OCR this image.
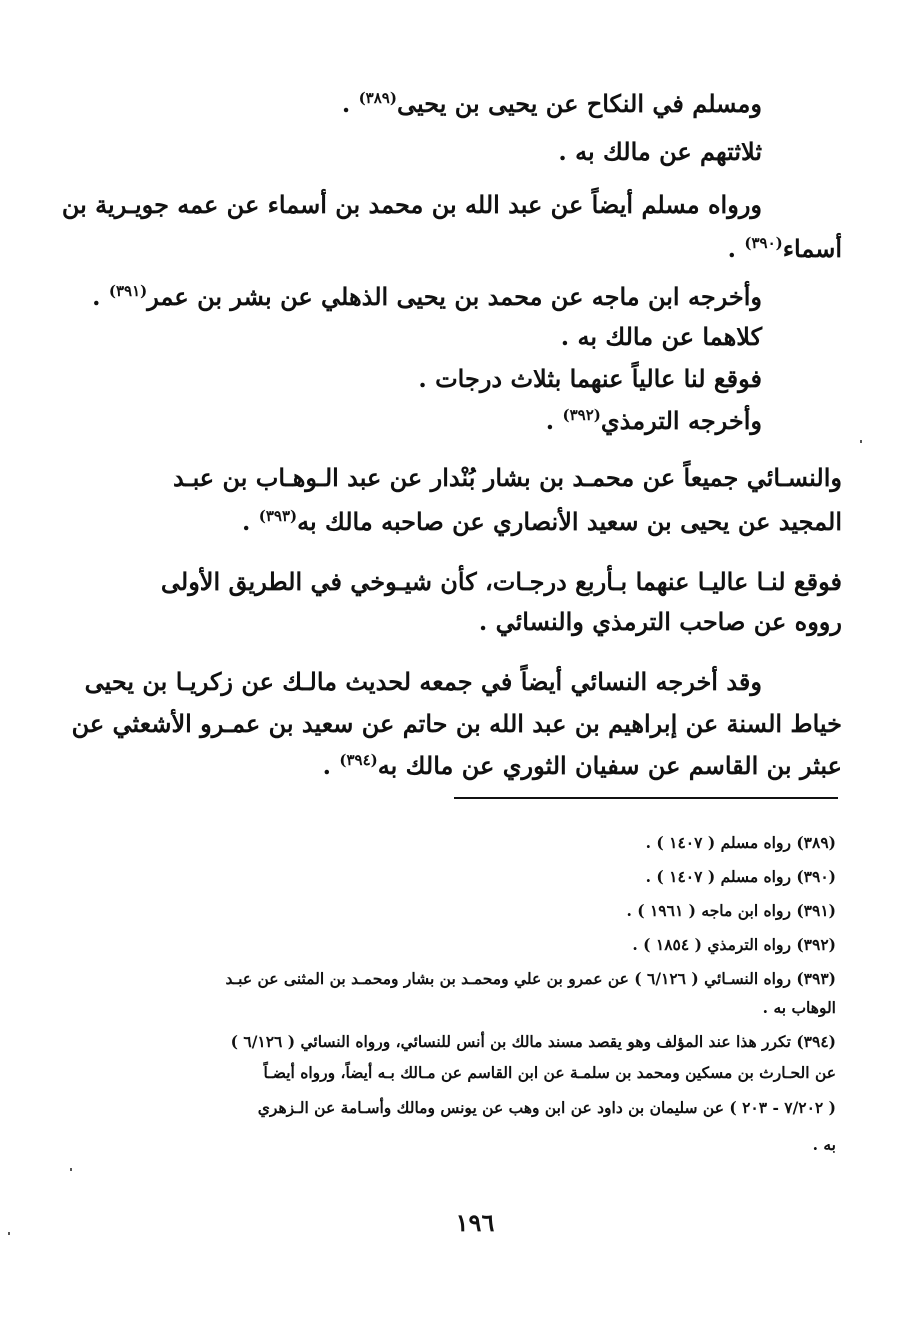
ومسلم في النكاح عن يحيى بن يحيى$^{(٣٨٩)}$ .
ثلاثتهم عن مالك به .
ورواه مسلم أيضاً عن عبد الله بن محمد بن أسماء عن عمه جويـرية بن
أسماء$^{(٣٩٠)}$ .
وأخرجه ابن ماجه عن محمد بن يحيى الذهلي عن بشر بن عمر$^{(٣٩١)}$ .
كلاهما عن مالك به .
فوقع لنا عالياً عنهما بثلاث درجات .
وأخرجه الترمذي$^{(٣٩٢)}$ .
والنسـائي جميعاً عن محمـد بن بشار بُنْدار عن عبد الـوهـاب بن عبـد
المجيد عن يحيى بن سعيد الأنصاري عن صاحبه مالك به$^{(٣٩٣)}$ .
فوقع لنـا عاليـا عنهما بـأربع درجـات، كأن شيـوخي في الطريق الأولى
رووه عن صاحب الترمذي والنسائي .
وقد أخرجه النسائي أيضاً في جمعه لحديث مالـك عن زكريـا بن يحيى
خياط السنة عن إبراهيم بن عبد الله بن حاتم عن سعيد بن عمـرو الأشعثي عن
عبثر بن القاسم عن سفيان الثوري عن مالك به$^{(٣٩٤)}$ .
(٣٨٩) رواه مسلم ( ١٤٠٧ ) .
(٣٩٠) رواه مسلم ( ١٤٠٧ ) .
(٣٩١) رواه ابن ماجه ( ١٩٦١ ) .
(٣٩٢) رواه الترمذي ( ١٨٥٤ ) .
(٣٩٣) رواه النسـائي ( ٦/١٢٦ ) عن عمرو بن علي ومحمـد بن بشار ومحمـد بن المثنى عن عبـد
الوهاب به .
(٣٩٤) تكرر هذا عند المؤلف وهو يقصد مسند مالك بن أنس للنسائي، ورواه النسائي ( ٦/١٢٦ )
عن الحـارث بن مسكين ومحمد بن سلمـة عن ابن القاسم عن مـالك بـه أيضاً، ورواه أيضـاً
( ٧/٢٠٢ - ٢٠٣ ) عن سليمان بن داود عن ابن وهب عن يونس ومالك وأسـامة عن الـزهري
به .
١٩٦
